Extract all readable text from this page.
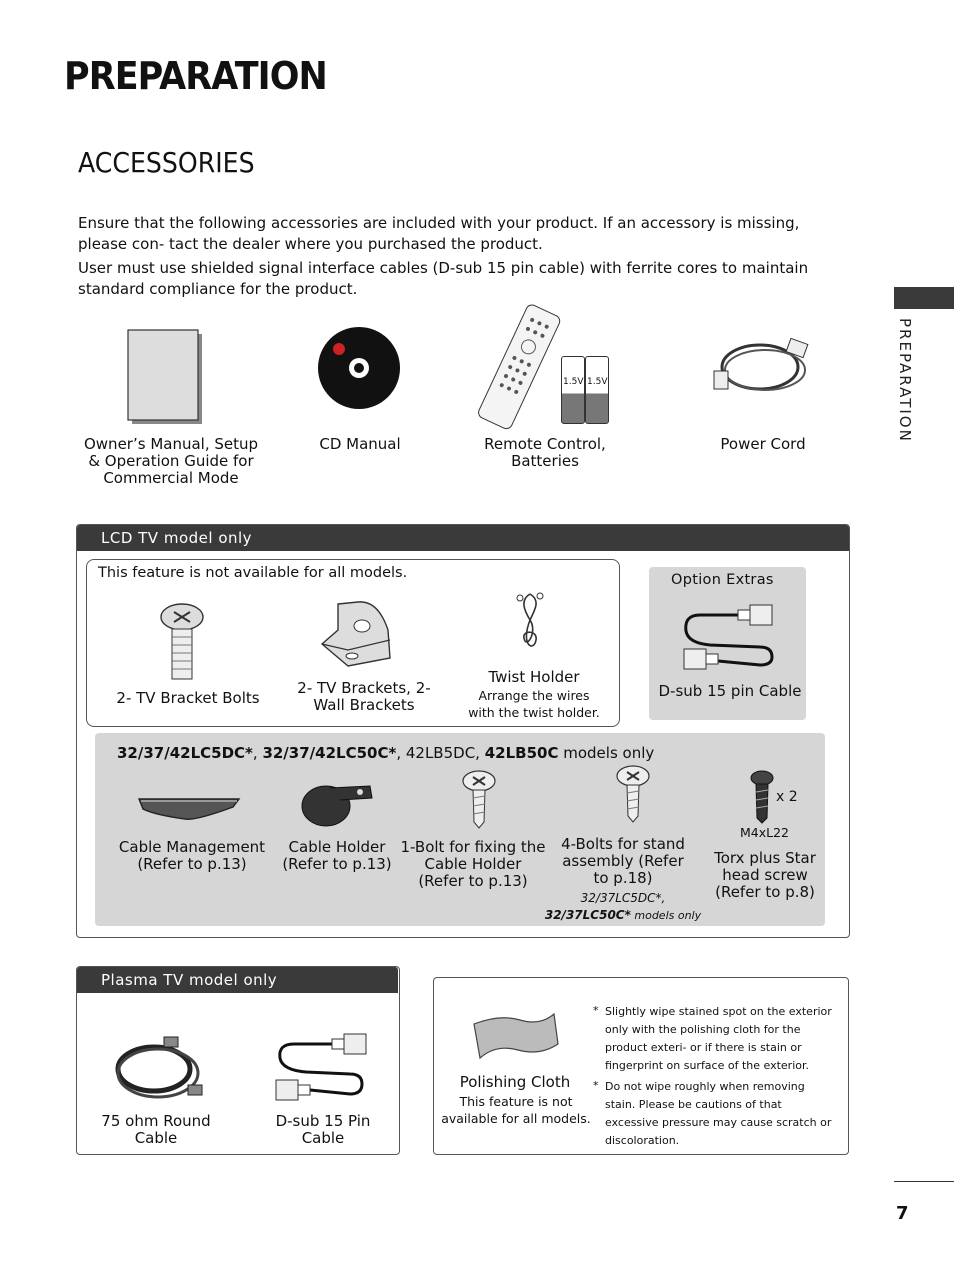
PREPARATION
ACCESSORIES
PREPARATION
Ensure that the following accessories are included with your product. If an accessory is missing, please con- tact the dealer where you purchased the product.
User must use shielded signal interface cables (D-sub 15 pin cable) with ferrite cores to maintain standard compliance for the product.
1.5V 1.5V
Owner’s Manual, Setup & Operation Guide for Commercial Mode
CD Manual	Remote Control, Batteries
Power Cord
LCD TV model only
This feature is not available for all models.
2- TV Bracket Bolts
2- TV Brackets, 2- Wall Brackets
Twist Holder
Arrange the wires with the twist holder.
Option Extras
D-sub 15 pin Cable
32/37/42LC5DC*, 32/37/42LC50C*, 42LB5DC, 42LB50C models only
x 2
M4xL22
Cable Management (Refer to p.13)
Cable Holder (Refer to p.13)
1-Bolt for fixing the Cable Holder (Refer to p.13)
4-Bolts for stand assembly (Refer to p.18)
32/37LC5DC*,
32/37LC50C* models only
Torx plus Star head screw (Refer to p.8)
Plasma TV model only
75 ohm Round Cable
D-sub 15 Pin Cable
Polishing Cloth
This feature is not available for all models.
* Slightly wipe stained spot on the exterior only with the polishing cloth for the product exteri- or if there is stain or fingerprint on surface of the exterior.
* Do not wipe roughly when removing stain. Please be cautions of that excessive pressure may cause scratch or discoloration.
7
